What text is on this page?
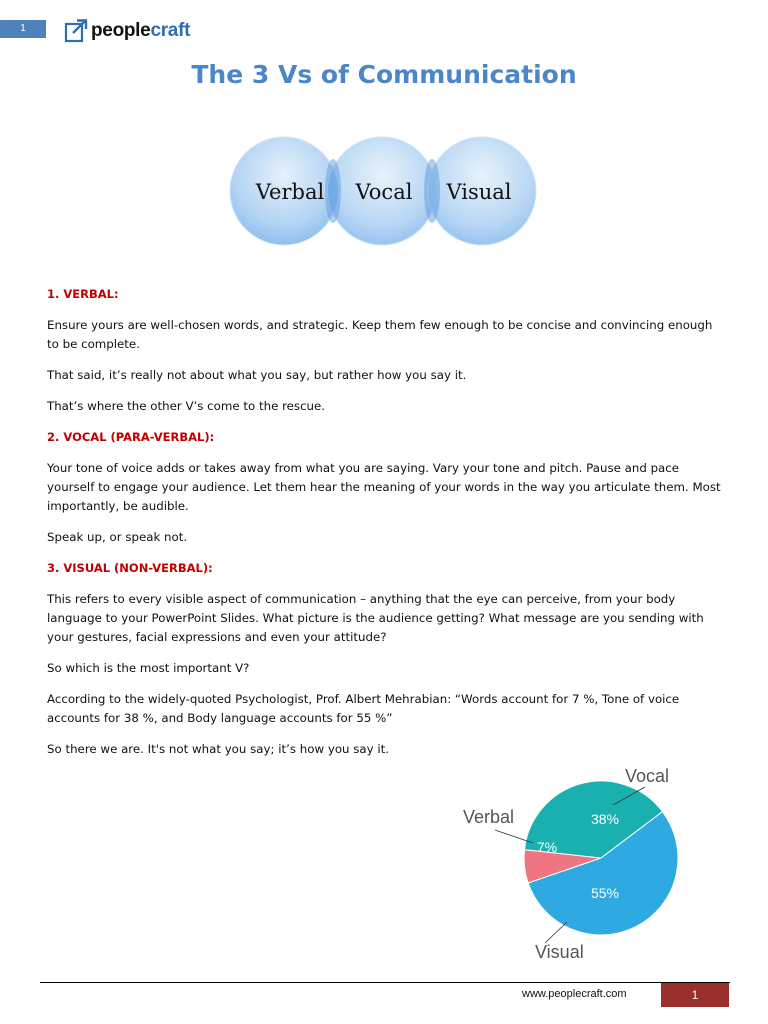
1	peoplecraft
The 3 Vs of Communication
Verbal Vocal Visual

1. VERBAL:

Ensure yours are well-chosen words, and strategic. Keep them few enough to be concise and convincing enough to be complete.

That said, it’s really not about what you say, but rather how you say it.

That’s where the other V’s come to the rescue.

2. VOCAL (PARA-VERBAL):

Your tone of voice adds or takes away from what you are saying. Vary your tone and pitch. Pause and pace yourself to engage your audience. Let them hear the meaning of your words in the way you articulate them. Most importantly, be audible.

Speak up, or speak not.

3. VISUAL (NON-VERBAL):

This refers to every visible aspect of communication – anything that the eye can perceive, from your body language to your PowerPoint Slides. What picture is the audience getting? What message are you sending with your gestures, facial expressions and even your attitude?

So which is the most important V?

According to the widely-quoted Psychologist, Prof. Albert Mehrabian: “Words account for 7 %, Tone of voice accounts for 38 %, and Body language accounts for 55 %”

So there we are. It's not what you say; it’s how you say it.

Verbal
7%
Vocal
38%
Visual
55%
www.peoplecraft.com	1
